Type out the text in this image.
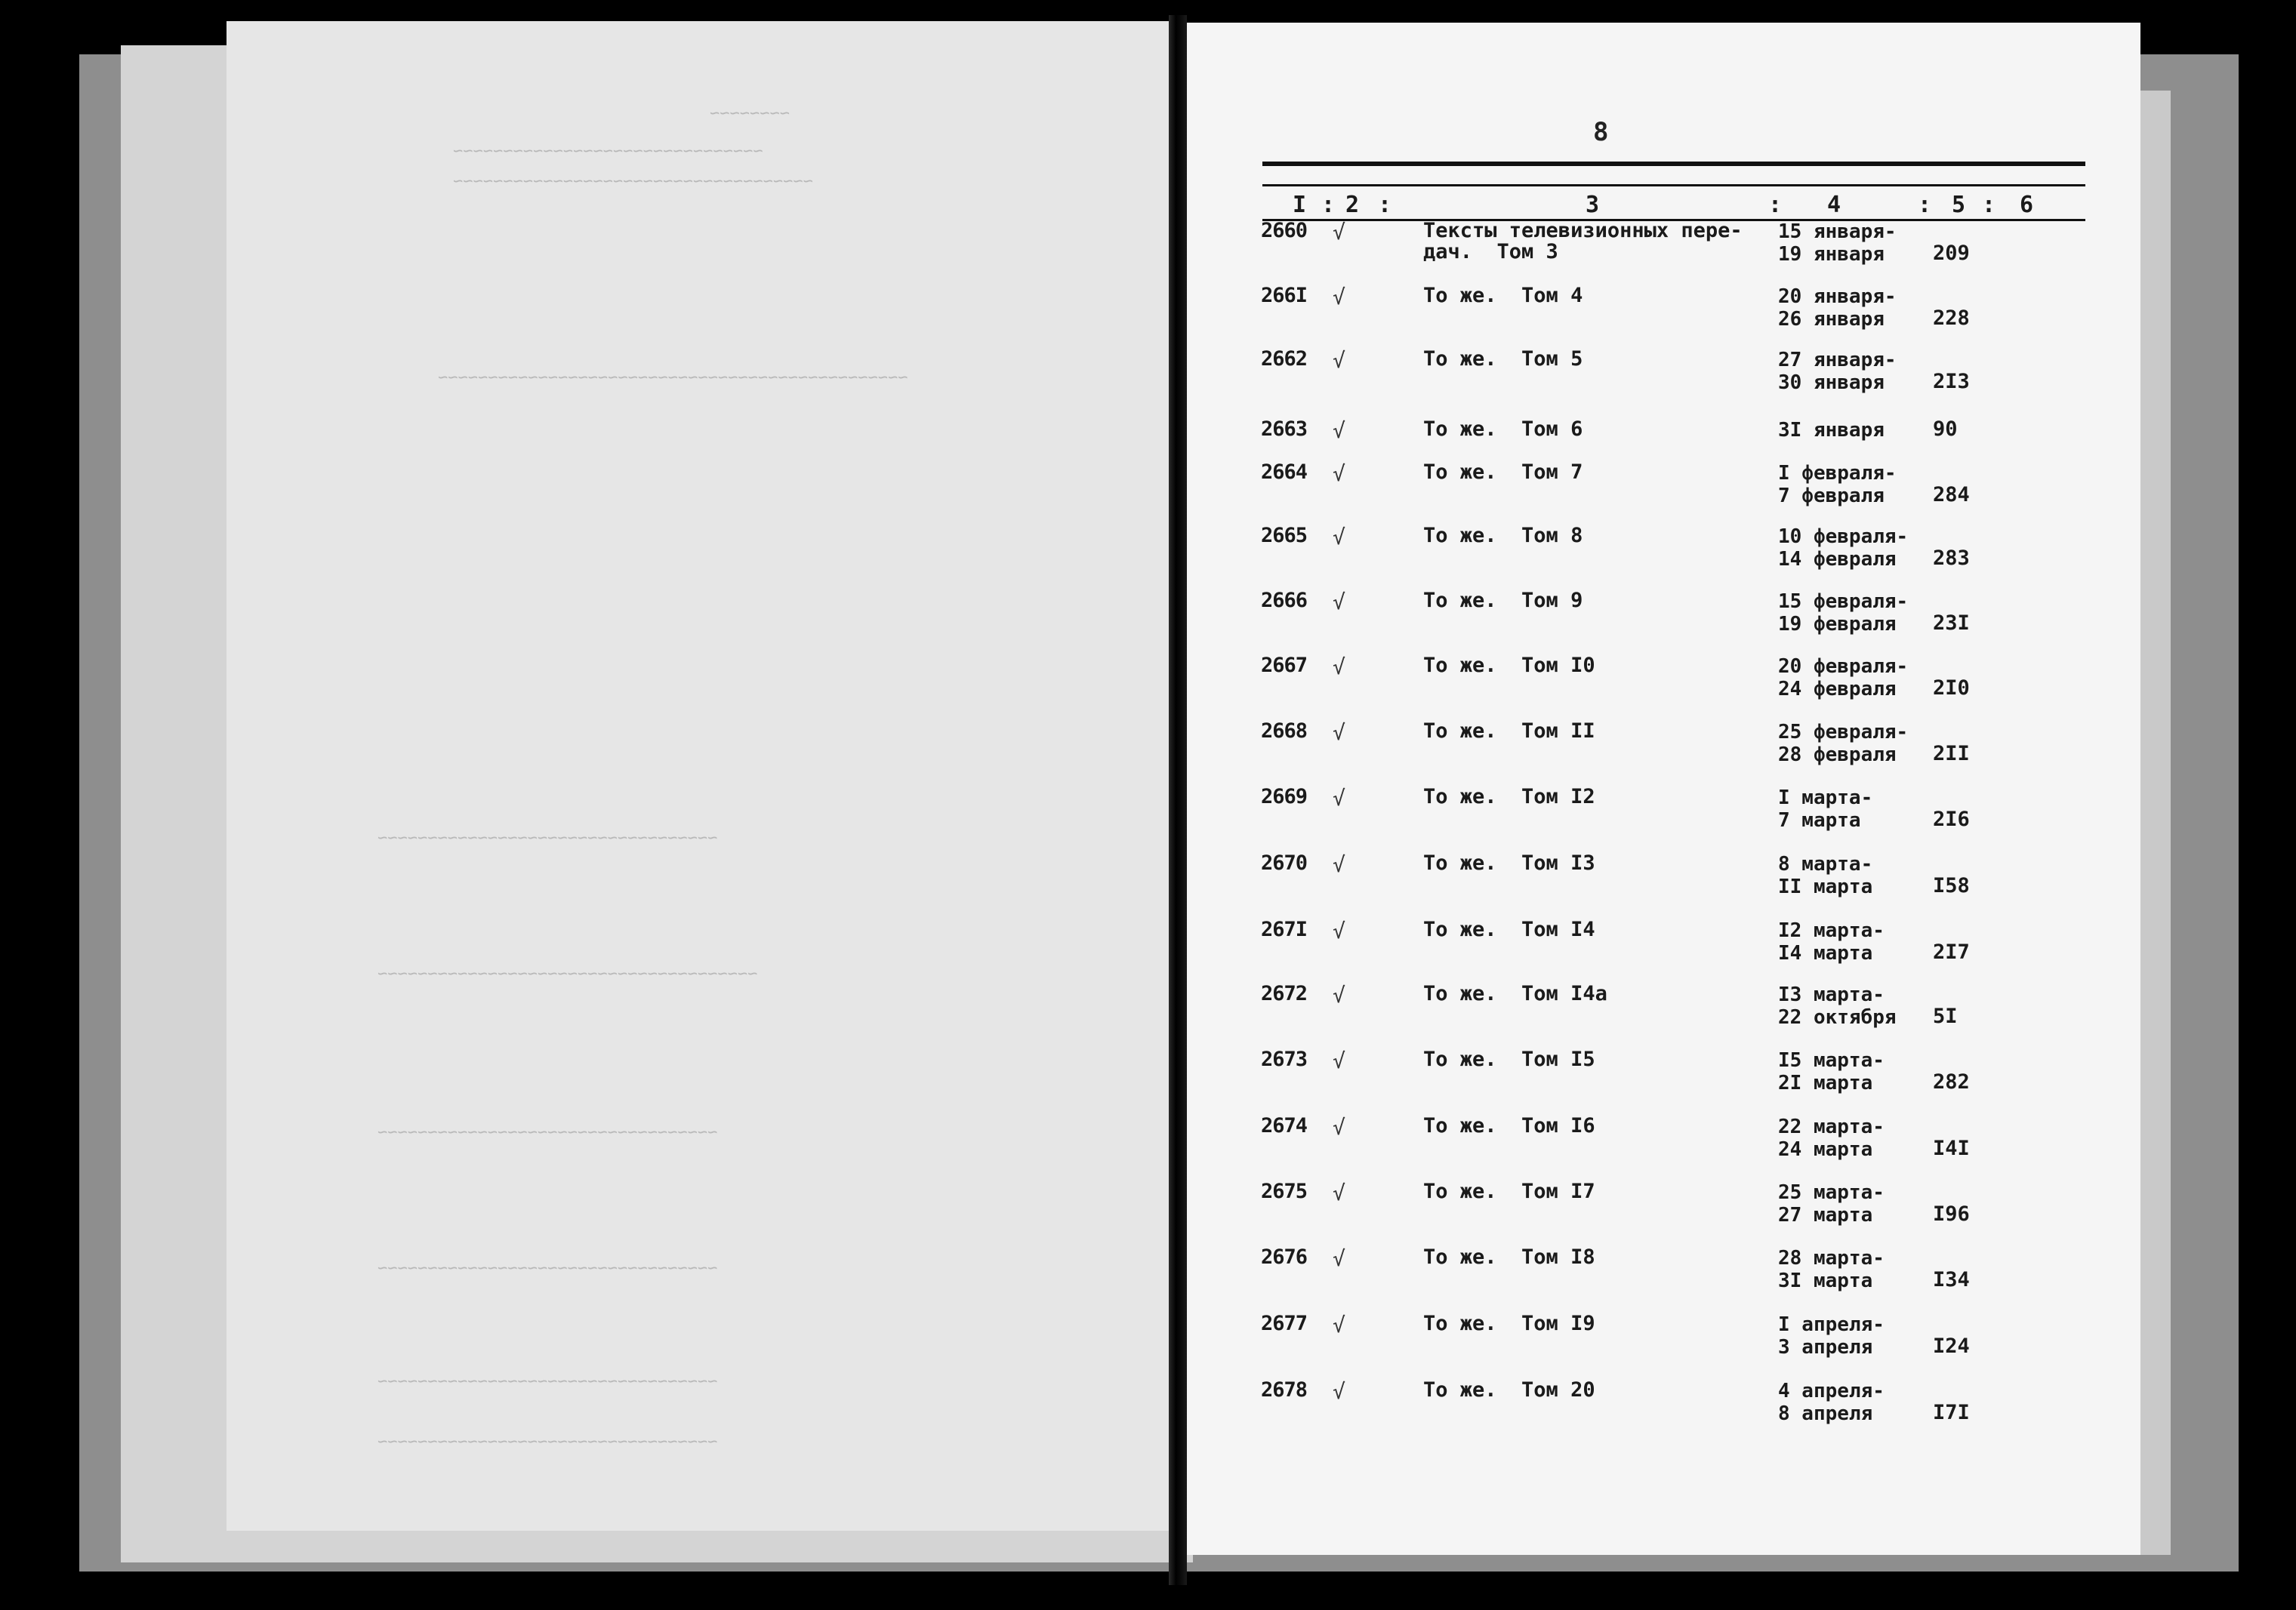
~~~~~~~~
~~~~~~~~~~~~~~~~~~~~~~~~~~~~~~~
~~~~~~~~~~~~~~~~~~~~~~~~~~~~~~~~~~~~
~~~~~~~~~~~~~~~~~~~~~~~~~~~~~~~~~~~~~~~~~~~~~~~
~~~~~~~~~~~~~~~~~~~~~~~~~~~~~~~~~~
~~~~~~~~~~~~~~~~~~~~~~~~~~~~~~~~~~~~~~
~~~~~~~~~~~~~~~~~~~~~~~~~~~~~~~~~~
~~~~~~~~~~~~~~~~~~~~~~~~~~~~~~~~~~
~~~~~~~~~~~~~~~~~~~~~~~~~~~~~~~~~~
~~~~~~~~~~~~~~~~~~~~~~~~~~~~~~~~~~
8
I : 2 :	3	: 4	: 5 : 6
2660 √	Тексты телевизионных пере-
дач.  Том 3
15 января-
19 января	209
266I √	То же.  Том 4	20 января-
26 января	228
2662 √	То же.  Том 5	27 января-
30 января	2I3
2663 √	То же.  Том 6	3I января 90
2664 √	То же.  Том 7	I февраля-
7 февраля	284
2665 √	То же.  Том 8	10 февраля-
14 февраля	283
2666 √	То же.  Том 9	15 февраля-
19 февраля	23I
2667 √	То же.  Том I0	20 февраля-
24 февраля	2I0
2668 √	То же.  Том II	25 февраля-
28 февраля	2II
2669 √	То же.  Том I2	I марта-
7 марта	2I6
2670 √	То же.  Том I3	8 марта-
II марта	I58
267I √	То же.  Том I4	I2 марта-
I4 марта	2I7
2672 √	То же.  Том I4а	I3 марта-
22 октября 5I
2673 √	То же.  Том I5	I5 марта-
2I марта	282
2674 √	То же.  Том I6	22 марта-
24 марта	I4I
2675 √	То же.  Том I7	25 марта-
27 марта	I96
2676 √	То же.  Том I8	28 марта-
3I марта	I34
2677 √	То же.  Том I9	I апреля-
3 апреля	I24
2678 √	То же.  Том 20	4 апреля-
8 апреля	I7I
